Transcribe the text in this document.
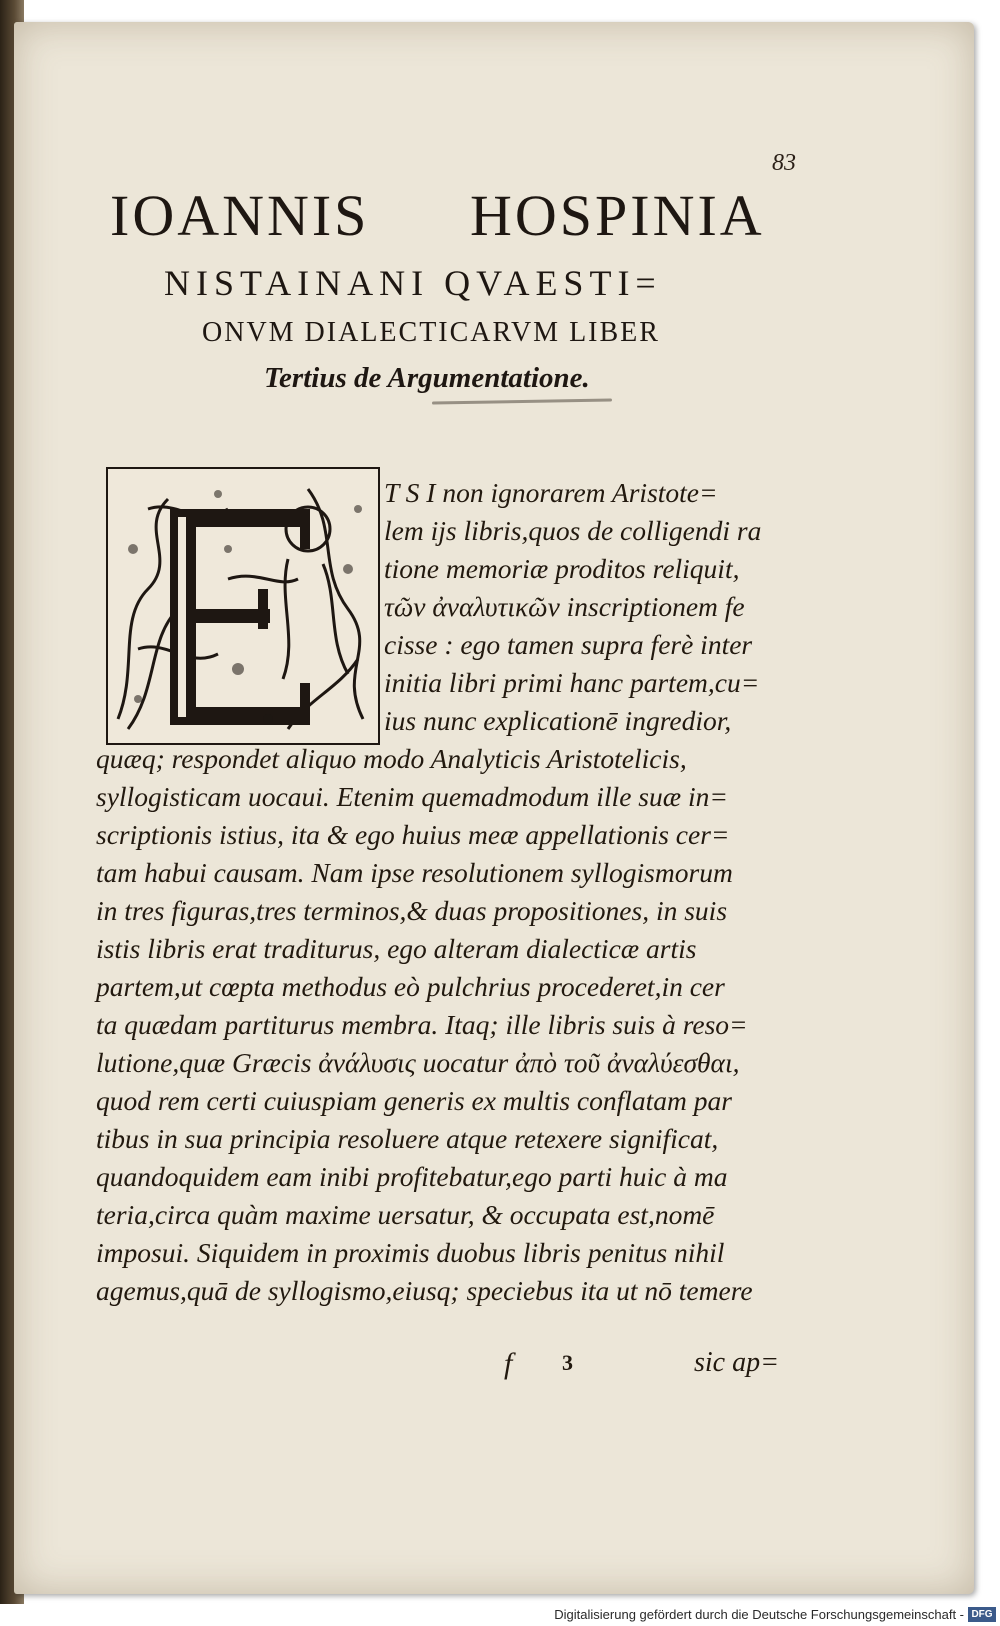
83
IOANNIS HOSPINIA
NISTAINANI QVAESTI=
ONVM DIALECTICARVM LIBER
Tertius de Argumentatione.
T S I non ignorarem Aristote=
lem ijs libris,quos de colligendi ra
tione memoriæ proditos reliquit,
τῶν ἀναλυτικῶν inscriptionem fe
cisse : ego tamen supra ferè inter
initia libri primi hanc partem,cu=
ius nunc explicationē ingredior,
quæq; respondet aliquo modo Analyticis Aristotelicis,
syllogisticam uocaui. Etenim quemadmodum ille suæ in=
scriptionis istius, ita & ego huius meæ appellationis cer=
tam habui causam. Nam ipse resolutionem syllogismorum
in tres figuras,tres terminos,& duas propositiones, in suis
istis libris erat traditurus, ego alteram dialecticæ artis
partem,ut cœpta methodus eò pulchrius procederet,in cer
ta quædam partiturus membra. Itaq; ille libris suis à reso=
lutione,quæ Græcis ἀνάλυσις uocatur ἀπὸ τοῦ ἀναλύεσθαι,
quod rem certi cuiuspiam generis ex multis conflatam par
tibus in sua principia resoluere atque retexere significat,
quandoquidem eam inibi profitebatur,ego parti huic à ma
teria,circa quàm maxime uersatur, & occupata est,nomē
imposui. Siquidem in proximis duobus libris penitus nihil
agemus,quā de syllogismo,eiusq; speciebus ita ut nō temere
f 3	sic ap=
Digitalisierung gefördert durch die Deutsche Forschungsgemeinschaft - DFG
